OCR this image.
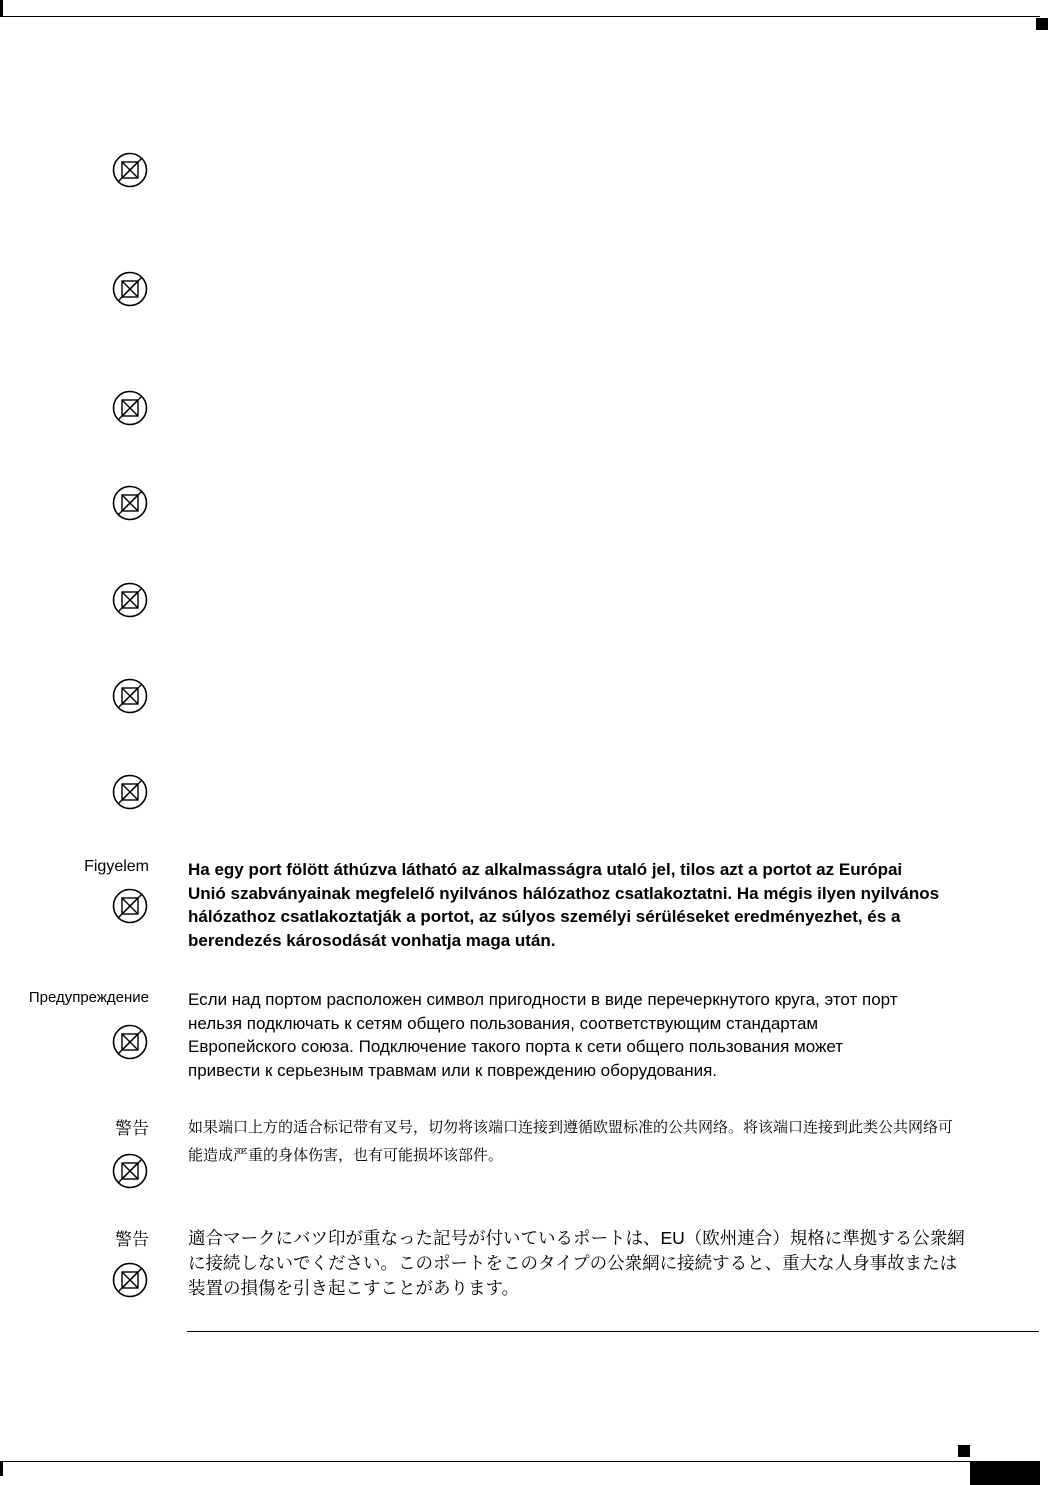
Figyelem Ha egy port fölött áthúzva látható az alkalmasságra utaló jel, tilos azt a portot az Európai
Unió szabványainak megfelelő nyilvános hálózathoz csatlakoztatni. Ha mégis ilyen nyilvános
hálózathoz csatlakoztatják a portot, az súlyos személyi sérüléseket eredményezhet, és a
berendezés károsodását vonhatja maga után.
Предупреждение Если над портом расположен символ пригодности в виде перечеркнутого круга, этот порт
нельзя подключать к сетям общего пользования, соответствующим стандартам
Европейского союза. Подключение такого порта к сети общего пользования может
привести к серьезным травмам или к повреждению оборудования.
警告	如果端口上方的适合标记带有叉号，切勿将该端口连接到遵循欧盟标准的公共网络。将该端口连接到此类公共网络可
能造成严重的身体伤害，也有可能损坏该部件。
警告 適合マークにバツ印が重なった記号が付いているポートは、EU（欧州連合）規格に準拠する公衆網
に接続しないでください。このポートをこのタイプの公衆網に接続すると、重大な人身事故または
装置の損傷を引き起こすことがあります。
